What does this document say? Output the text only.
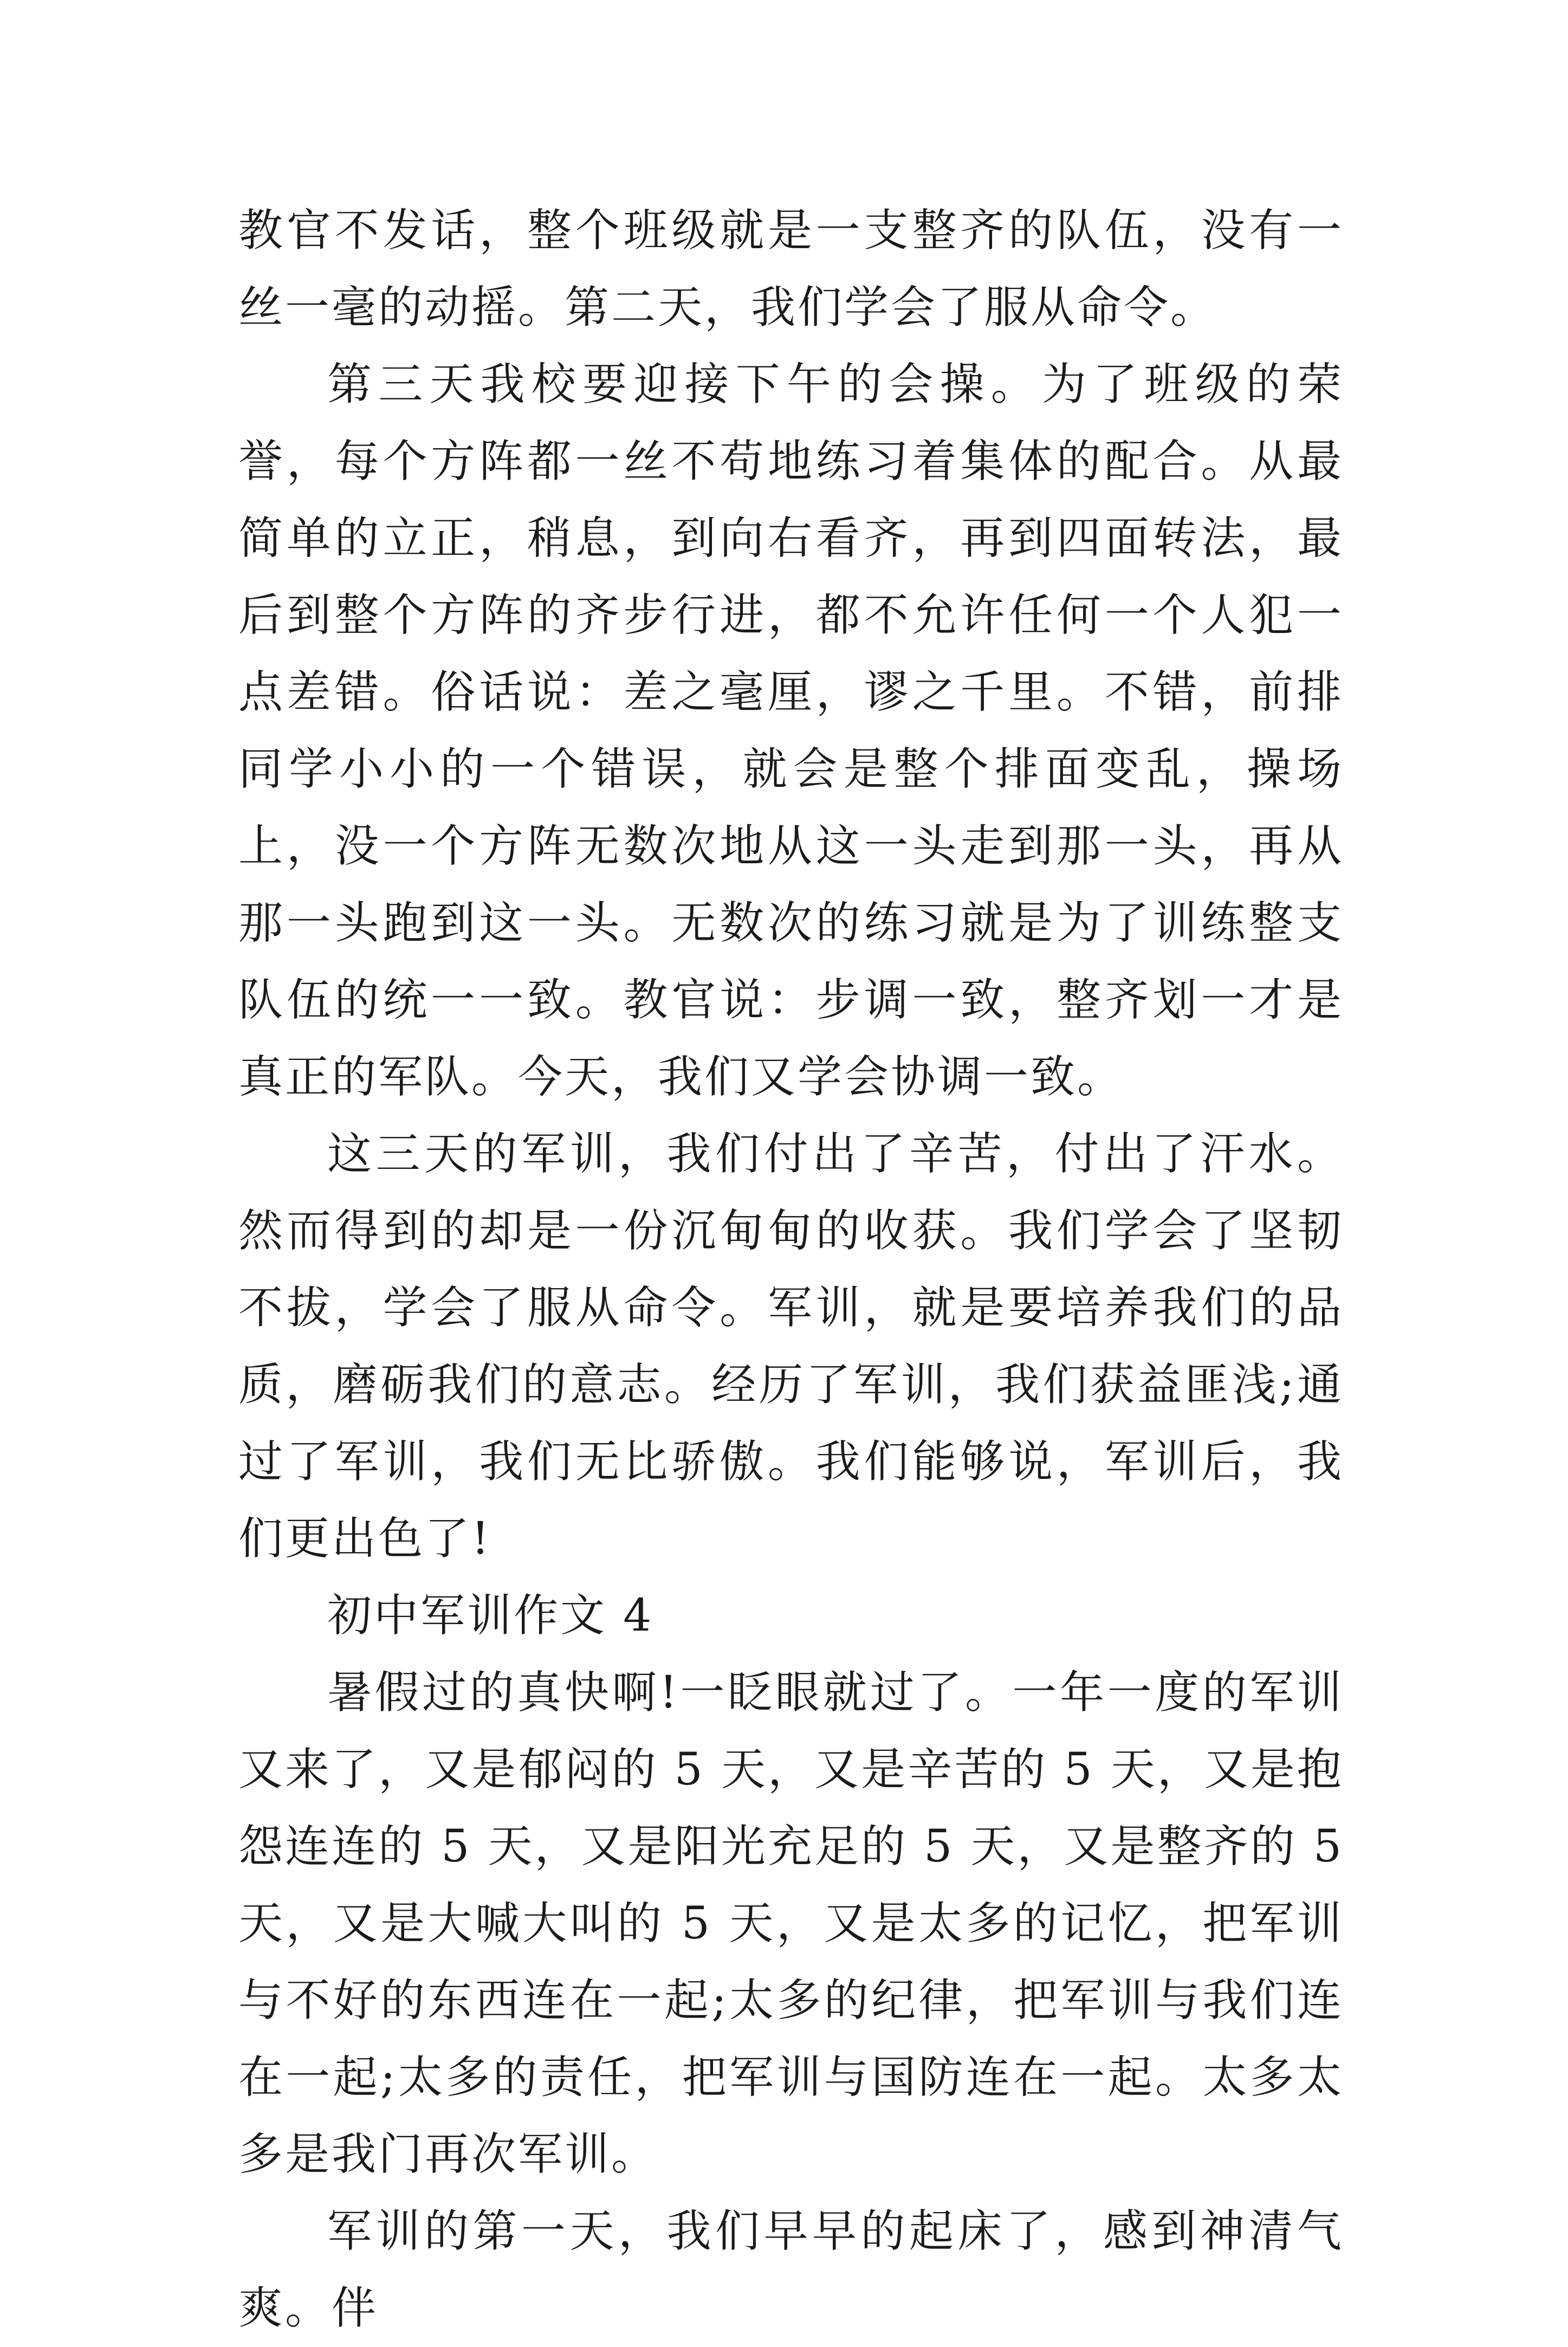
教官不发话，整个班级就是一支整齐的队伍，没有一丝一毫的动摇。第二天，我们学会了服从命令。

第三天我校要迎接下午的会操。为了班级的荣誉，每个方阵都一丝不苟地练习着集体的配合。从最简单的立正，稍息，到向右看齐，再到四面转法，最后到整个方阵的齐步行进，都不允许任何一个人犯一点差错。俗话说：差之毫厘，谬之千里。不错，前排同学小小的一个错误，就会是整个排面变乱，操场上，没一个方阵无数次地从这一头走到那一头，再从那一头跑到这一头。无数次的练习就是为了训练整支队伍的统一一致。教官说：步调一致，整齐划一才是真正的军队。今天，我们又学会协调一致。

这三天的军训，我们付出了辛苦，付出了汗水。然而得到的却是一份沉甸甸的收获。我们学会了坚韧不拔，学会了服从命令。军训，就是要培养我们的品质，磨砺我们的意志。经历了军训，我们获益匪浅;通过了军训，我们无比骄傲。我们能够说，军训后，我们更出色了!

初中军训作文 4

暑假过的真快啊!一眨眼就过了。一年一度的军训又来了，又是郁闷的 5 天，又是辛苦的 5 天，又是抱怨连连的 5 天，又是阳光充足的 5 天，又是整齐的 5 天，又是大喊大叫的 5 天，又是太多的记忆，把军训与不好的东西连在一起;太多的纪律，把军训与我们连在一起;太多的责任，把军训与国防连在一起。太多太多是我门再次军训。

军训的第一天，我们早早的起床了，感到神清气爽。伴
